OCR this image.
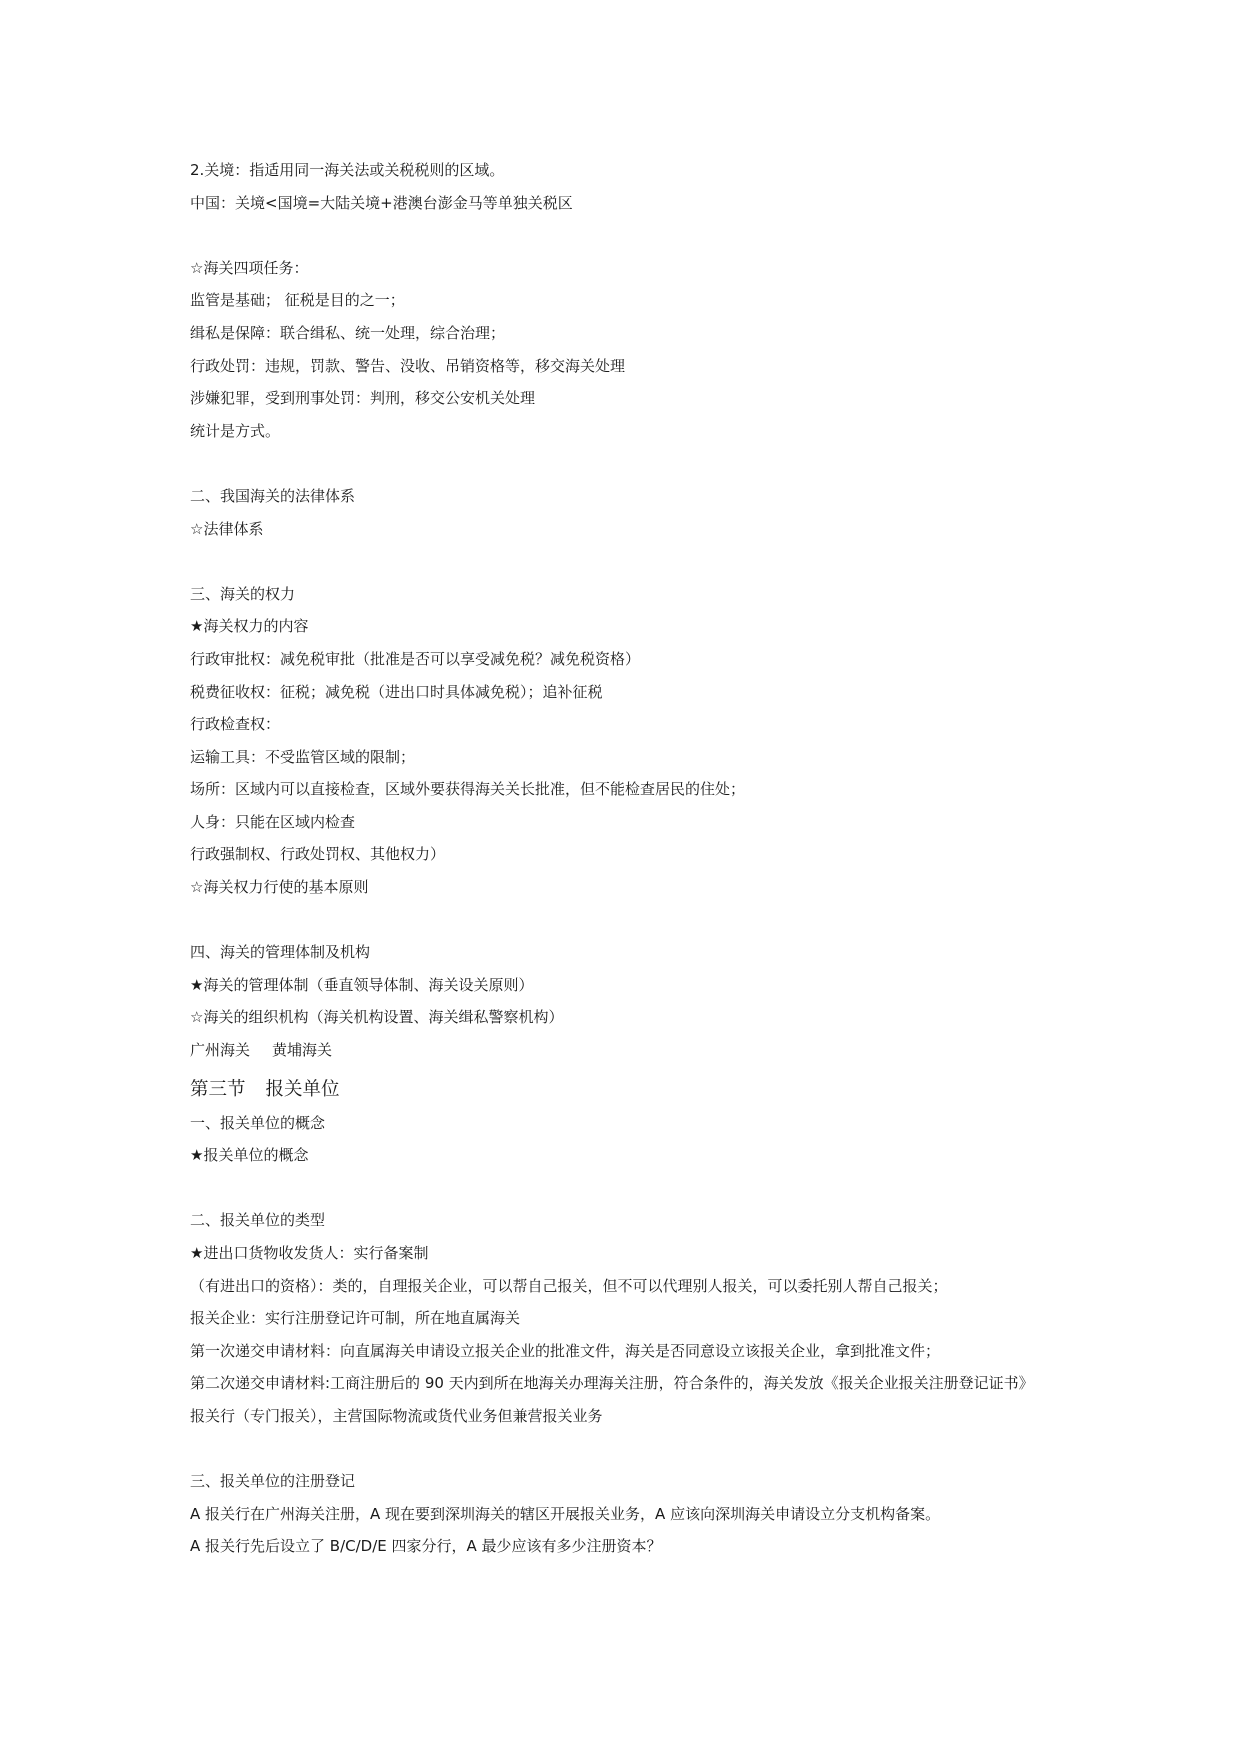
2.关境：指适用同一海关法或关税税则的区域。
中国：关境<国境=大陆关境+港澳台澎金马等单独关税区
☆海关四项任务：
监管是基础； 征税是目的之一；
缉私是保障：联合缉私、统一处理，综合治理；
行政处罚：违规，罚款、警告、没收、吊销资格等，移交海关处理
涉嫌犯罪，受到刑事处罚：判刑，移交公安机关处理
统计是方式。
二、我国海关的法律体系
☆法律体系
三、海关的权力
★海关权力的内容
行政审批权：减免税审批（批准是否可以享受减免税？减免税资格）
税费征收权：征税；减免税（进出口时具体减免税）；追补征税
行政检查权：
运输工具：不受监管区域的限制；
场所：区域内可以直接检查，区域外要获得海关关长批准，但不能检查居民的住处；
人身：只能在区域内检查
行政强制权、行政处罚权、其他权力）
☆海关权力行使的基本原则
四、海关的管理体制及机构
★海关的管理体制（垂直领导体制、海关设关原则）
☆海关的组织机构（海关机构设置、海关缉私警察机构）
广州海关 黄埔海关
第三节 报关单位
一、报关单位的概念
★报关单位的概念
二、报关单位的类型
★进出口货物收发货人：实行备案制
（有进出口的资格）：类的，自理报关企业，可以帮自己报关，但不可以代理别人报关，可以委托别人帮自己报关；
报关企业：实行注册登记许可制，所在地直属海关
第一次递交申请材料：向直属海关申请设立报关企业的批准文件，海关是否同意设立该报关企业，拿到批准文件；
第二次递交申请材料:工商注册后的 90 天内到所在地海关办理海关注册，符合条件的，海关发放《报关企业报关注册登记证书》
报关行（专门报关），主营国际物流或货代业务但兼营报关业务
三、报关单位的注册登记
A 报关行在广州海关注册，A 现在要到深圳海关的辖区开展报关业务，A 应该向深圳海关申请设立分支机构备案。
A 报关行先后设立了 B/C/D/E 四家分行，A 最少应该有多少注册资本？
